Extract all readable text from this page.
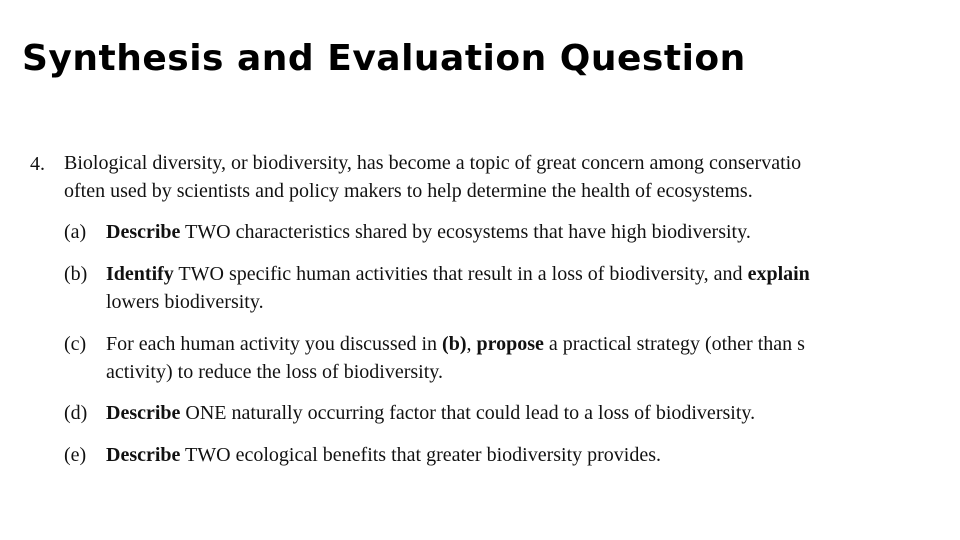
Synthesis and Evaluation Question
4. Biological diversity, or biodiversity, has become a topic of great concern among conservatio
often used by scientists and policy makers to help determine the health of ecosystems.
(a) Describe TWO characteristics shared by ecosystems that have high biodiversity.
(b) Identify TWO specific human activities that result in a loss of biodiversity, and explain
lowers biodiversity.
(c) For each human activity you discussed in (b), propose a practical strategy (other than s
activity) to reduce the loss of biodiversity.
(d) Describe ONE naturally occurring factor that could lead to a loss of biodiversity.
(e) Describe TWO ecological benefits that greater biodiversity provides.
